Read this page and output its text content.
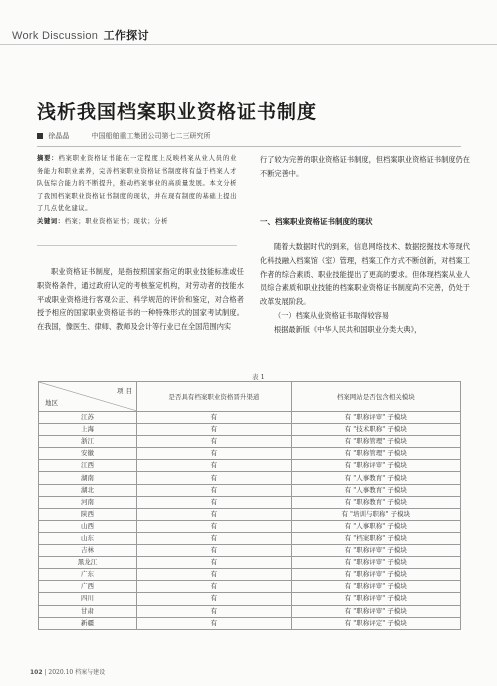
Work Discussion 工作探讨
浅析我国档案职业资格证书制度
徐晶晶	中国船舶重工集团公司第七二三研究所
摘要：档案职业资格证书能在一定程度上反映档案从业人员的业务能力和职业素养，完善档案职业资格证书制度将有益于档案人才队伍综合能力的不断提升，推动档案事业的高质量发展。本文分析了我国档案职业资格证书制度的现状，并在现有制度的基础上提出了几点优化建议。
关键词：档案；职业资格证书；现状；分析
职业资格证书制度，是指按照国家指定的职业技能标准或任职资格条件，通过政府认定的考核鉴定机构，对劳动者的技能水平或职业资格进行客观公正、科学规范的评价和鉴定，对合格者授予相应的国家职业资格证书的一种特殊形式的国家考试制度。在我国，像医生、律师、教师及会计等行业已在全国范围内实
行了较为完善的职业资格证书制度，但档案职业资格证书制度仍在不断完善中。
一、档案职业资格证书制度的现状
随着大数据时代的到来，信息网络技术、数据挖掘技术等现代化科技融入档案馆（室）管理，档案工作方式不断创新，对档案工作者的综合素质、职业技能提出了更高的要求。但体现档案从业人员综合素质和职业技能的档案职业资格证书制度尚不完善，仍处于改革发展阶段。
（一）档案从业资格证书取得较容易
根据最新版《中华人民共和国职业分类大典》，
表 1
项 目
地区	是否具有档案职业资格晋升渠道	档案网站是否包含相关模块
江苏	有	有 "职称评审" 子模块
上海	有	有 "技术职称" 子模块
浙江	有	有 "职称管理" 子模块
安徽	有	有 "职称管理" 子模块
江西	有	有 "职称评审" 子模块
湖南	有	有 "人事教育" 子模块
湖北	有	有 "人事教育" 子模块
河南	有	有 "职称教育" 子模块
陕西	有	有 "培训与职称" 子模块
山西	有	有 "人事职称" 子模块
山东	有	有 "档案职称" 子模块
吉林	有	有 "职称评审" 子模块
黑龙江	有	有 "职称评审" 子模块
广东	有	有 "职称评审" 子模块
广西	有	有 "职称评审" 子模块
四川	有	有 "职称评审" 子模块
甘肃	有	有 "职称评审" 子模块
新疆	有	有 "职称评定" 子模块
102 | 2020.10 档案与建设
